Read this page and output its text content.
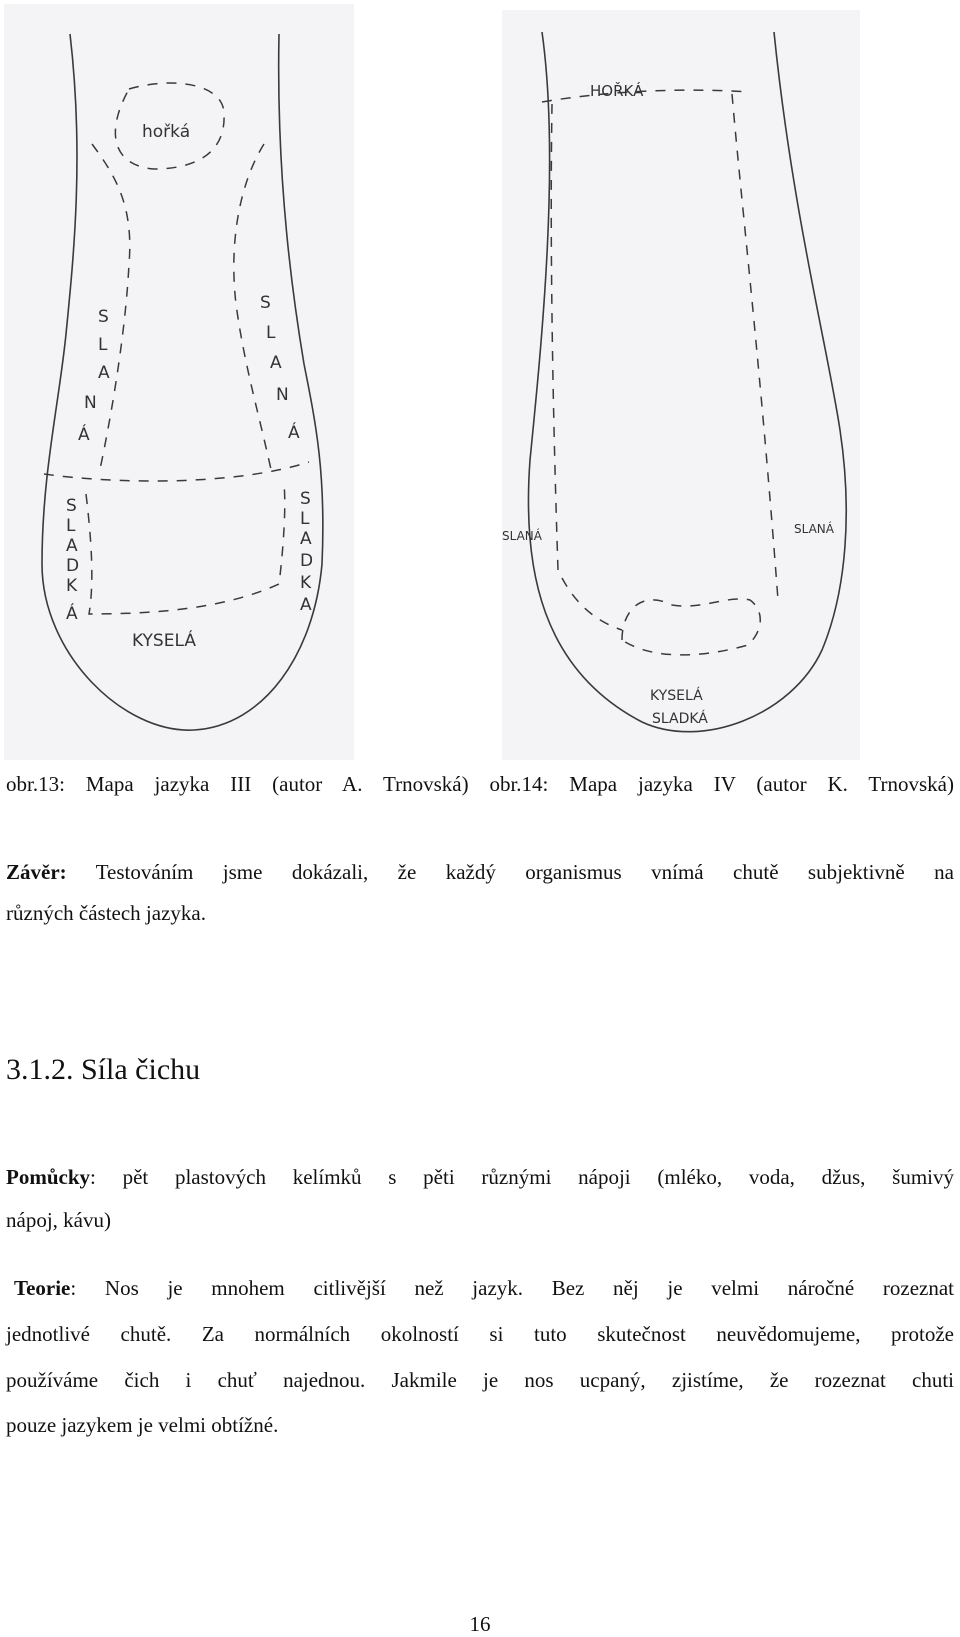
hořká
S
L
A
N
Á
S
L
A
N
Á
S
L
A
D
K
Á
S
L
A
D
K
A
KYSELÁ
HOŘKÁ
SLANÁ	SLANÁ
KYSELÁ
SLADKÁ
obr.13: Mapa jazyka III (autor A. Trnovská) obr.14: Mapa jazyka IV (autor K. Trnovská)
Závěr: Testováním jsme dokázali, že každý organismus vnímá chutě subjektivně na
různých částech jazyka.
3.1.2. Síla čichu
Pomůcky: pět plastových kelímků s pěti různými nápoji (mléko, voda, džus, šumivý
nápoj, kávu)
Teorie: Nos je mnohem citlivější než jazyk. Bez něj je velmi náročné rozeznat
jednotlivé chutě. Za normálních okolností si tuto skutečnost neuvědomujeme, protože
používáme čich i chuť najednou. Jakmile je nos ucpaný, zjistíme, že rozeznat chuti
pouze jazykem je velmi obtížné.
16
